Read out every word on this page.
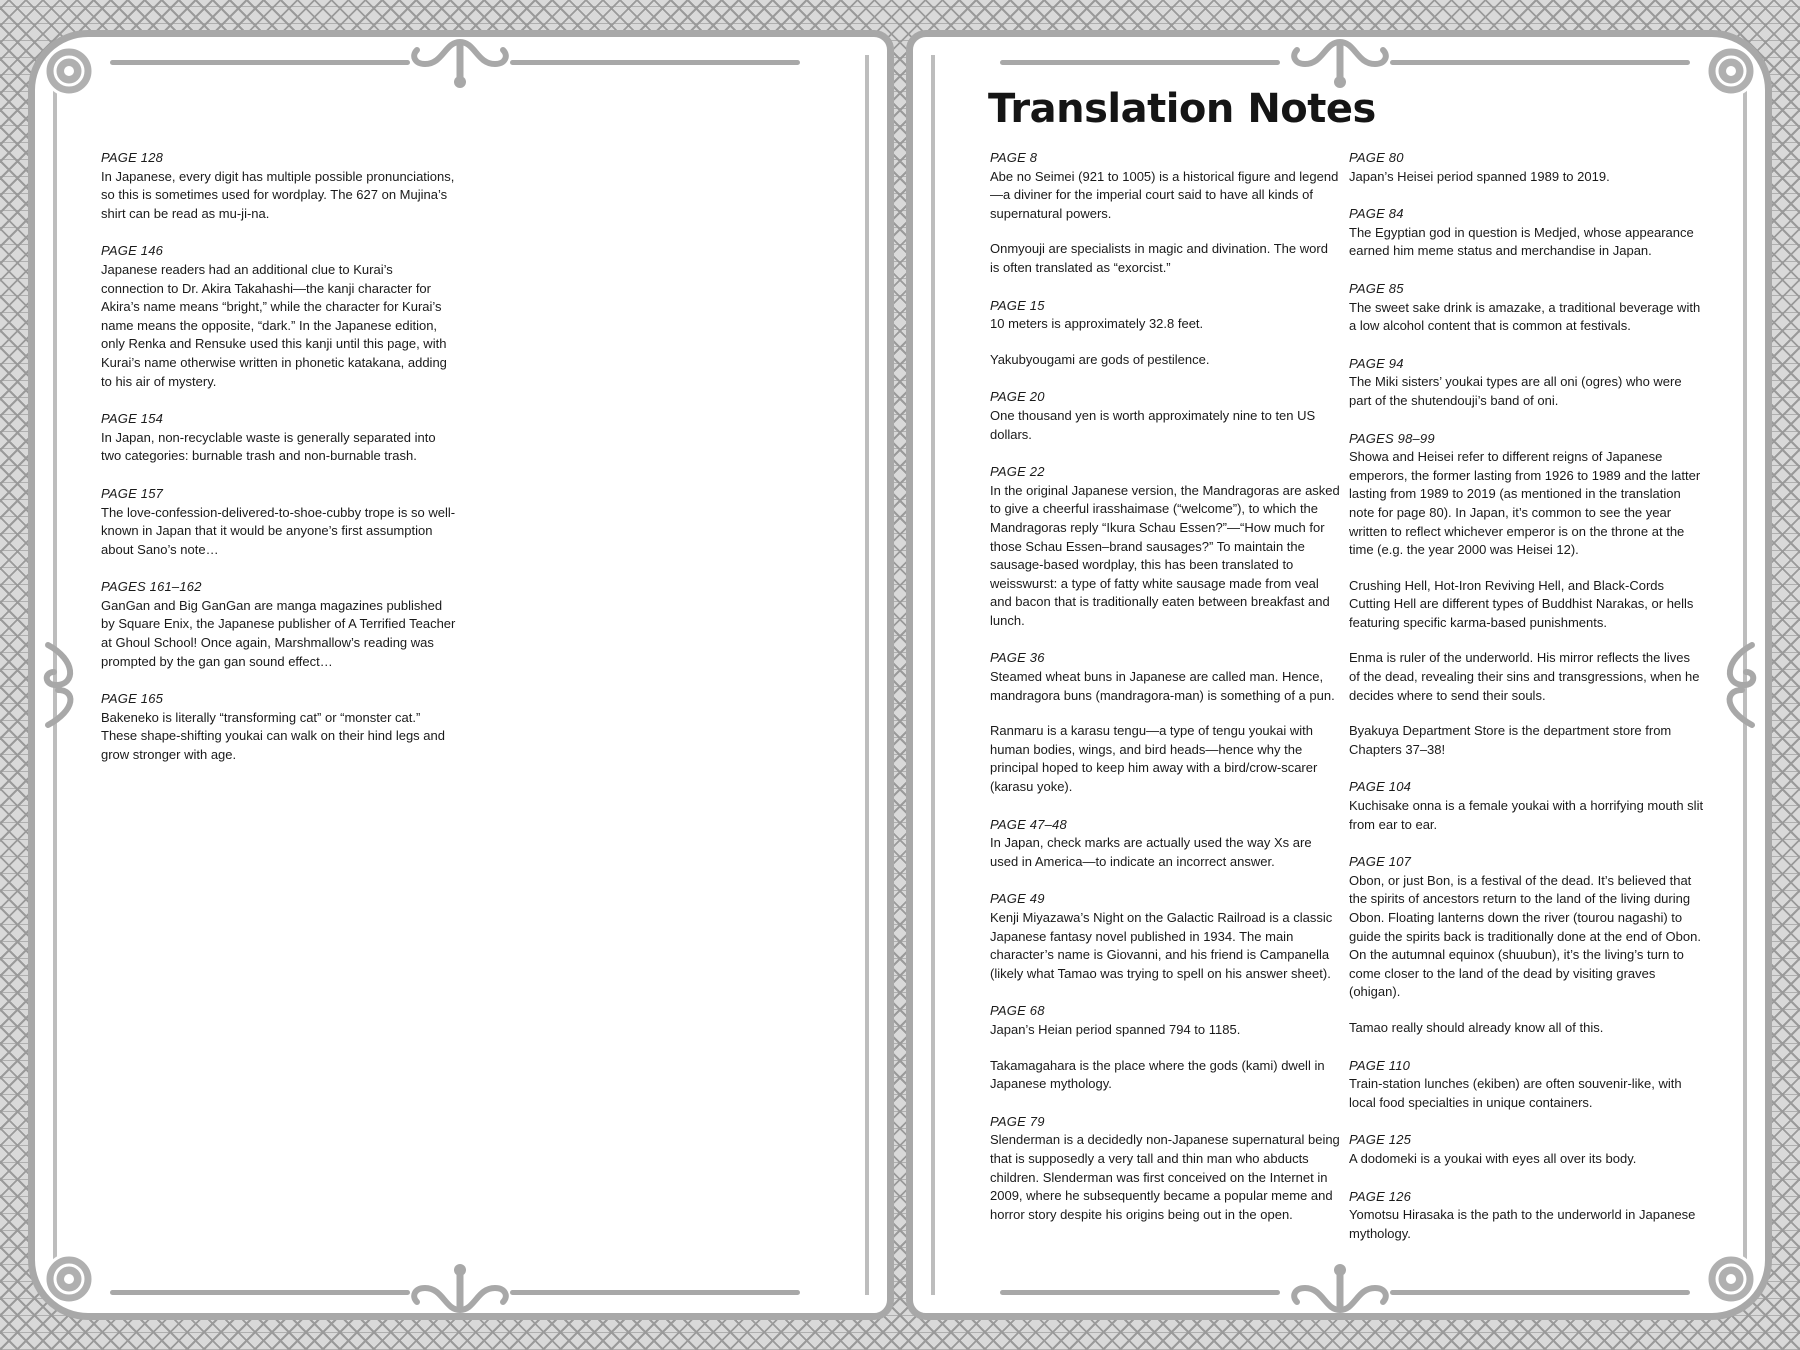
PAGE 128

In Japanese, every digit has multiple possible pronunciations, so this is sometimes used for wordplay. The 627 on Mujina’s shirt can be read as mu-ji-na.

PAGE 146

Japanese readers had an additional clue to Kurai’s connection to Dr. Akira Takahashi—the kanji character for Akira’s name means “bright,” while the character for Kurai’s name means the opposite, “dark.” In the Japanese edition, only Renka and Rensuke used this kanji until this page, with Kurai’s name otherwise written in phonetic katakana, adding to his air of mystery.

PAGE 154

In Japan, non-recyclable waste is generally separated into two categories: burnable trash and non-burnable trash.

PAGE 157

The love-confession-delivered-to-shoe-cubby trope is so well-known in Japan that it would be anyone’s first assumption about Sano’s note…

PAGES 161–162

GanGan and Big GanGan are manga magazines published by Square Enix, the Japanese publisher of A Terrified Teacher at Ghoul School! Once again, Marshmallow’s reading was prompted by the gan gan sound effect…

PAGE 165

Bakeneko is literally “transforming cat” or “monster cat.” These shape-shifting youkai can walk on their hind legs and grow stronger with age.

Translation Notes
PAGE 8

Abe no Seimei (921 to 1005) is a historical figure and legend—a diviner for the imperial court said to have all kinds of supernatural powers.

Onmyouji are specialists in magic and divination. The word is often translated as “exorcist.”

PAGE 15

10 meters is approximately 32.8 feet.

Yakubyougami are gods of pestilence.

PAGE 20

One thousand yen is worth approximately nine to ten US dollars.

PAGE 22

In the original Japanese version, the Mandragoras are asked to give a cheerful irasshaimase (“welcome”), to which the Mandragoras reply “Ikura Schau Essen?”—“How much for those Schau Essen–brand sausages?” To maintain the sausage-based wordplay, this has been translated to weisswurst: a type of fatty white sausage made from veal and bacon that is traditionally eaten between breakfast and lunch.

PAGE 36

Steamed wheat buns in Japanese are called man. Hence, mandragora buns (mandragora-man) is something of a pun.

Ranmaru is a karasu tengu—a type of tengu youkai with human bodies, wings, and bird heads—hence why the principal hoped to keep him away with a bird/crow-scarer (karasu yoke).

PAGE 47–48

In Japan, check marks are actually used the way Xs are used in America—to indicate an incorrect answer.

PAGE 49

Kenji Miyazawa’s Night on the Galactic Railroad is a classic Japanese fantasy novel published in 1934. The main character’s name is Giovanni, and his friend is Campanella (likely what Tamao was trying to spell on his answer sheet).

PAGE 68

Japan’s Heian period spanned 794 to 1185.

Takamagahara is the place where the gods (kami) dwell in Japanese mythology.

PAGE 79

Slenderman is a decidedly non-Japanese supernatural being that is supposedly a very tall and thin man who abducts children. Slenderman was first conceived on the Internet in 2009, where he subsequently became a popular meme and horror story despite his origins being out in the open.

PAGE 80

Japan’s Heisei period spanned 1989 to 2019.

PAGE 84

The Egyptian god in question is Medjed, whose appearance earned him meme status and merchandise in Japan.

PAGE 85

The sweet sake drink is amazake, a traditional beverage with a low alcohol content that is common at festivals.

PAGE 94

The Miki sisters’ youkai types are all oni (ogres) who were part of the shutendouji’s band of oni.

PAGES 98–99

Showa and Heisei refer to different reigns of Japanese emperors, the former lasting from 1926 to 1989 and the latter lasting from 1989 to 2019 (as mentioned in the translation note for page 80). In Japan, it’s common to see the year written to reflect whichever emperor is on the throne at the time (e.g. the year 2000 was Heisei 12).

Crushing Hell, Hot-Iron Reviving Hell, and Black-Cords Cutting Hell are different types of Buddhist Narakas, or hells featuring specific karma-based punishments.

Enma is ruler of the underworld. His mirror reflects the lives of the dead, revealing their sins and transgressions, when he decides where to send their souls.

Byakuya Department Store is the department store from Chapters 37–38!

PAGE 104

Kuchisake onna is a female youkai with a horrifying mouth slit from ear to ear.

PAGE 107

Obon, or just Bon, is a festival of the dead. It’s believed that the spirits of ancestors return to the land of the living during Obon. Floating lanterns down the river (tourou nagashi) to guide the spirits back is traditionally done at the end of Obon. On the autumnal equinox (shuubun), it’s the living’s turn to come closer to the land of the dead by visiting graves (ohigan).

Tamao really should already know all of this.

PAGE 110

Train-station lunches (ekiben) are often souvenir-like, with local food specialties in unique containers.

PAGE 125

A dodomeki is a youkai with eyes all over its body.

PAGE 126

Yomotsu Hirasaka is the path to the underworld in Japanese mythology.
